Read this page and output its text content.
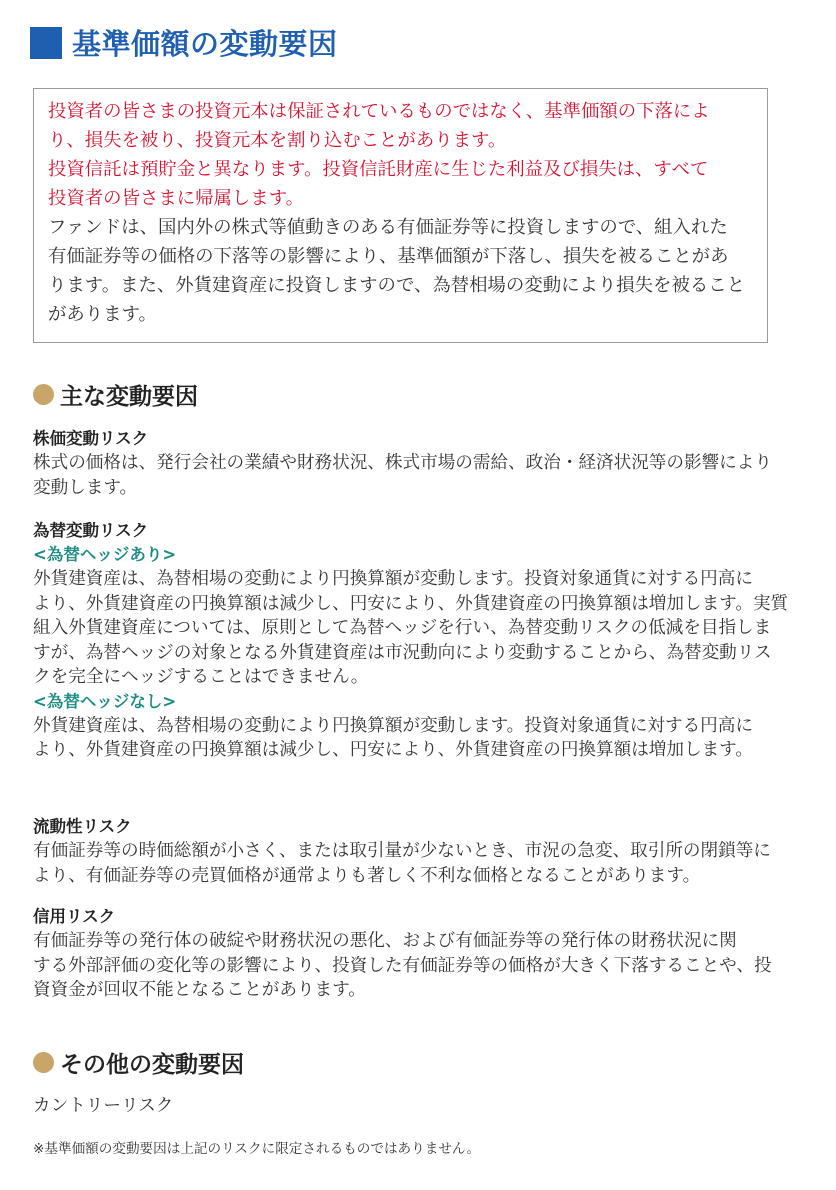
基準価額の変動要因
投資者の皆さまの投資元本は保証されているものではなく、基準価額の下落によ
り、損失を被り、投資元本を割り込むことがあります。
投資信託は預貯金と異なります。投資信託財産に生じた利益及び損失は、すべて
投資者の皆さまに帰属します。
ファンドは、国内外の株式等値動きのある有価証券等に投資しますので、組入れた
有価証券等の価格の下落等の影響により、基準価額が下落し、損失を被ることがあ
ります。また、外貨建資産に投資しますので、為替相場の変動により損失を被ること
があります。
主な変動要因
株価変動リスク
株式の価格は、発行会社の業績や財務状況、株式市場の需給、政治・経済状況等の影響により
変動します。
為替変動リスク
<為替ヘッジあり>
外貨建資産は、為替相場の変動により円換算額が変動します。投資対象通貨に対する円高に
より、外貨建資産の円換算額は減少し、円安により、外貨建資産の円換算額は増加します。実質
組入外貨建資産については、原則として為替ヘッジを行い、為替変動リスクの低減を目指しま
すが、為替ヘッジの対象となる外貨建資産は市況動向により変動することから、為替変動リス
クを完全にヘッジすることはできません。
<為替ヘッジなし>
外貨建資産は、為替相場の変動により円換算額が変動します。投資対象通貨に対する円高に
より、外貨建資産の円換算額は減少し、円安により、外貨建資産の円換算額は増加します。
流動性リスク
有価証券等の時価総額が小さく、または取引量が少ないとき、市況の急変、取引所の閉鎖等に
より、有価証券等の売買価格が通常よりも著しく不利な価格となることがあります。
信用リスク
有価証券等の発行体の破綻や財務状況の悪化、および有価証券等の発行体の財務状況に関
する外部評価の変化等の影響により、投資した有価証券等の価格が大きく下落することや、投
資資金が回収不能となることがあります。
その他の変動要因
カントリーリスク
※基準価額の変動要因は上記のリスクに限定されるものではありません。
